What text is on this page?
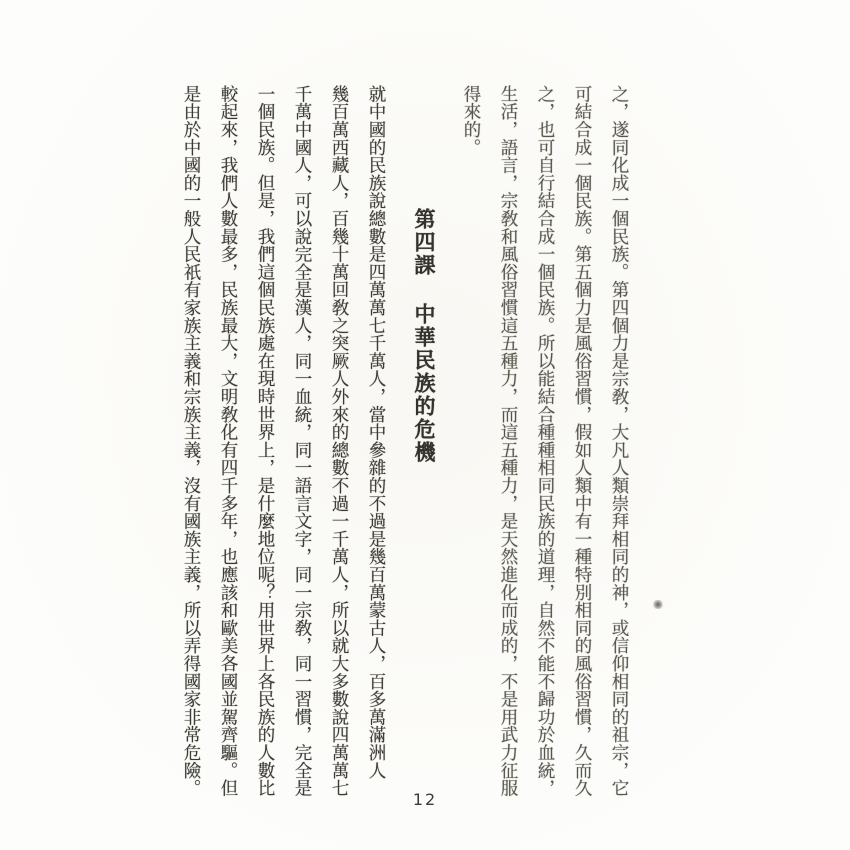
之，遂同化成一個民族。第四個力是宗敎，大凡人類崇拜相同的神，或信仰相同的祖宗，它
可結合成一個民族。第五個力是風俗習慣，假如人類中有一種特別相同的風俗習慣，久而久
之，也可自行結合成一個民族。所以能結合種種相同民族的道理，自然不能不歸功於血統，
生活，語言，宗敎和風俗習慣這五種力，而這五種力，是天然進化而成的，不是用武力征服
得來的。
第四課中華民族的危機
就中國的民族說總數是四萬萬七千萬人，當中參雜的不過是幾百萬蒙古人，百多萬滿洲人
幾百萬西藏人，百幾十萬回敎之突厥人外來的總數不過一千萬人，所以就大多數說四萬萬七
千萬中國人，可以說完全是漢人，同一血統，同一語言文字，同一宗敎，同一習慣，完全是
一個民族。但是，我們這個民族處在現時世界上，是什麼地位呢？用世界上各民族的人數比
較起來，我們人數最多，民族最大，文明敎化有四千多年，也應該和歐美各國並駕齊驅。但
是由於中國的一般人民祇有家族主義和宗族主義，沒有國族主義，所以弄得國家非常危險。
12
